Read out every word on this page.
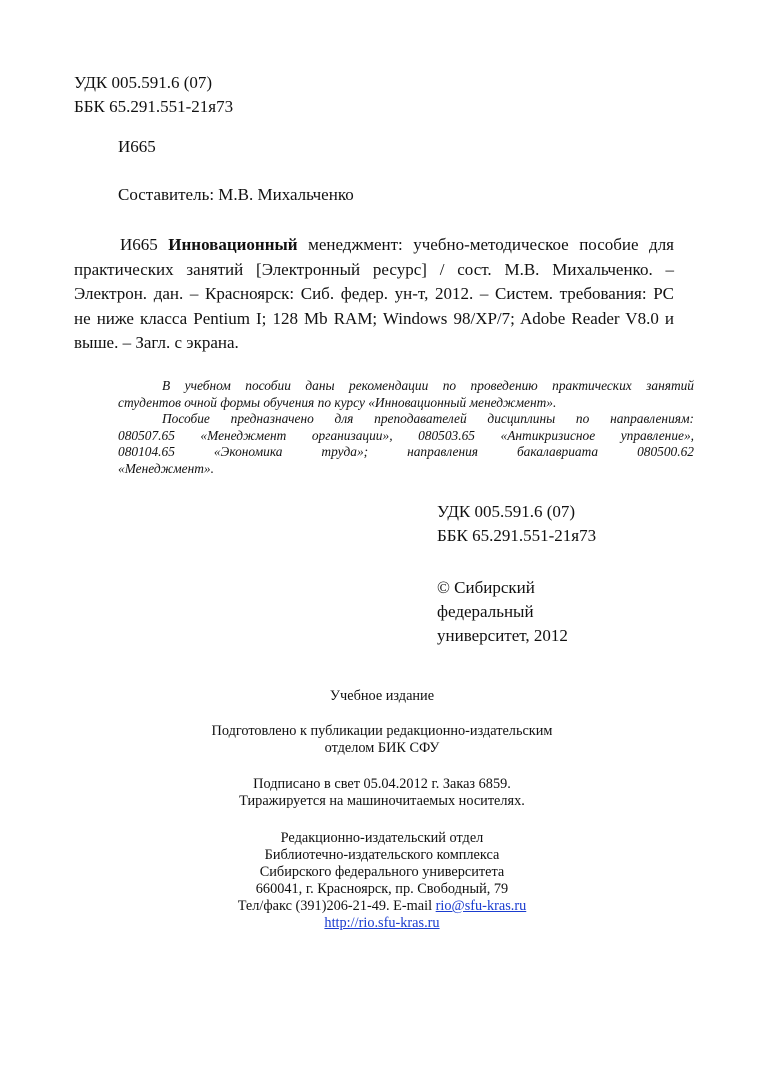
УДК 005.591.6 (07)

ББК 65.291.551-21я73

И665

Составитель: М.В. Михальченко

И665 Инновационный менеджмент: учебно-методическое пособие для
практических занятий [Электронный ресурс] / сост. М.В. Михальченко. –
Электрон. дан. – Красноярск: Сиб. федер. ун-т, 2012. – Систем. требования: PC
не ниже класса Pentium I; 128 Mb RAM; Windows 98/XP/7; Adobe Reader V8.0 и
выше. – Загл. с экрана.
В учебном пособии даны рекомендации по проведению практических занятий
студентов очной формы обучения по курсу «Инновационный менеджмент».
Пособие предназначено для преподавателей дисциплины по направлениям:
080507.65 «Менеджмент организации», 080503.65 «Антикризисное управление»,
080104.65 «Экономика труда»; направления бакалавриата 080500.62
«Менеджмент».
УДК 005.591.6 (07)
ББК 65.291.551-21я73
© Сибирский
федеральный
университет, 2012
Учебное издание
Подготовлено к публикации редакционно-издательским
отделом БИК СФУ
Подписано в свет 05.04.2012 г. Заказ 6859.
Тиражируется на машиночитаемых носителях.
Редакционно-издательский отдел
Библиотечно-издательского комплекса
Сибирского федерального университета
660041, г. Красноярск, пр. Свободный, 79
Тел/факс (391)206-21-49. E-mail rio@sfu-kras.ru
http://rio.sfu-kras.ru
